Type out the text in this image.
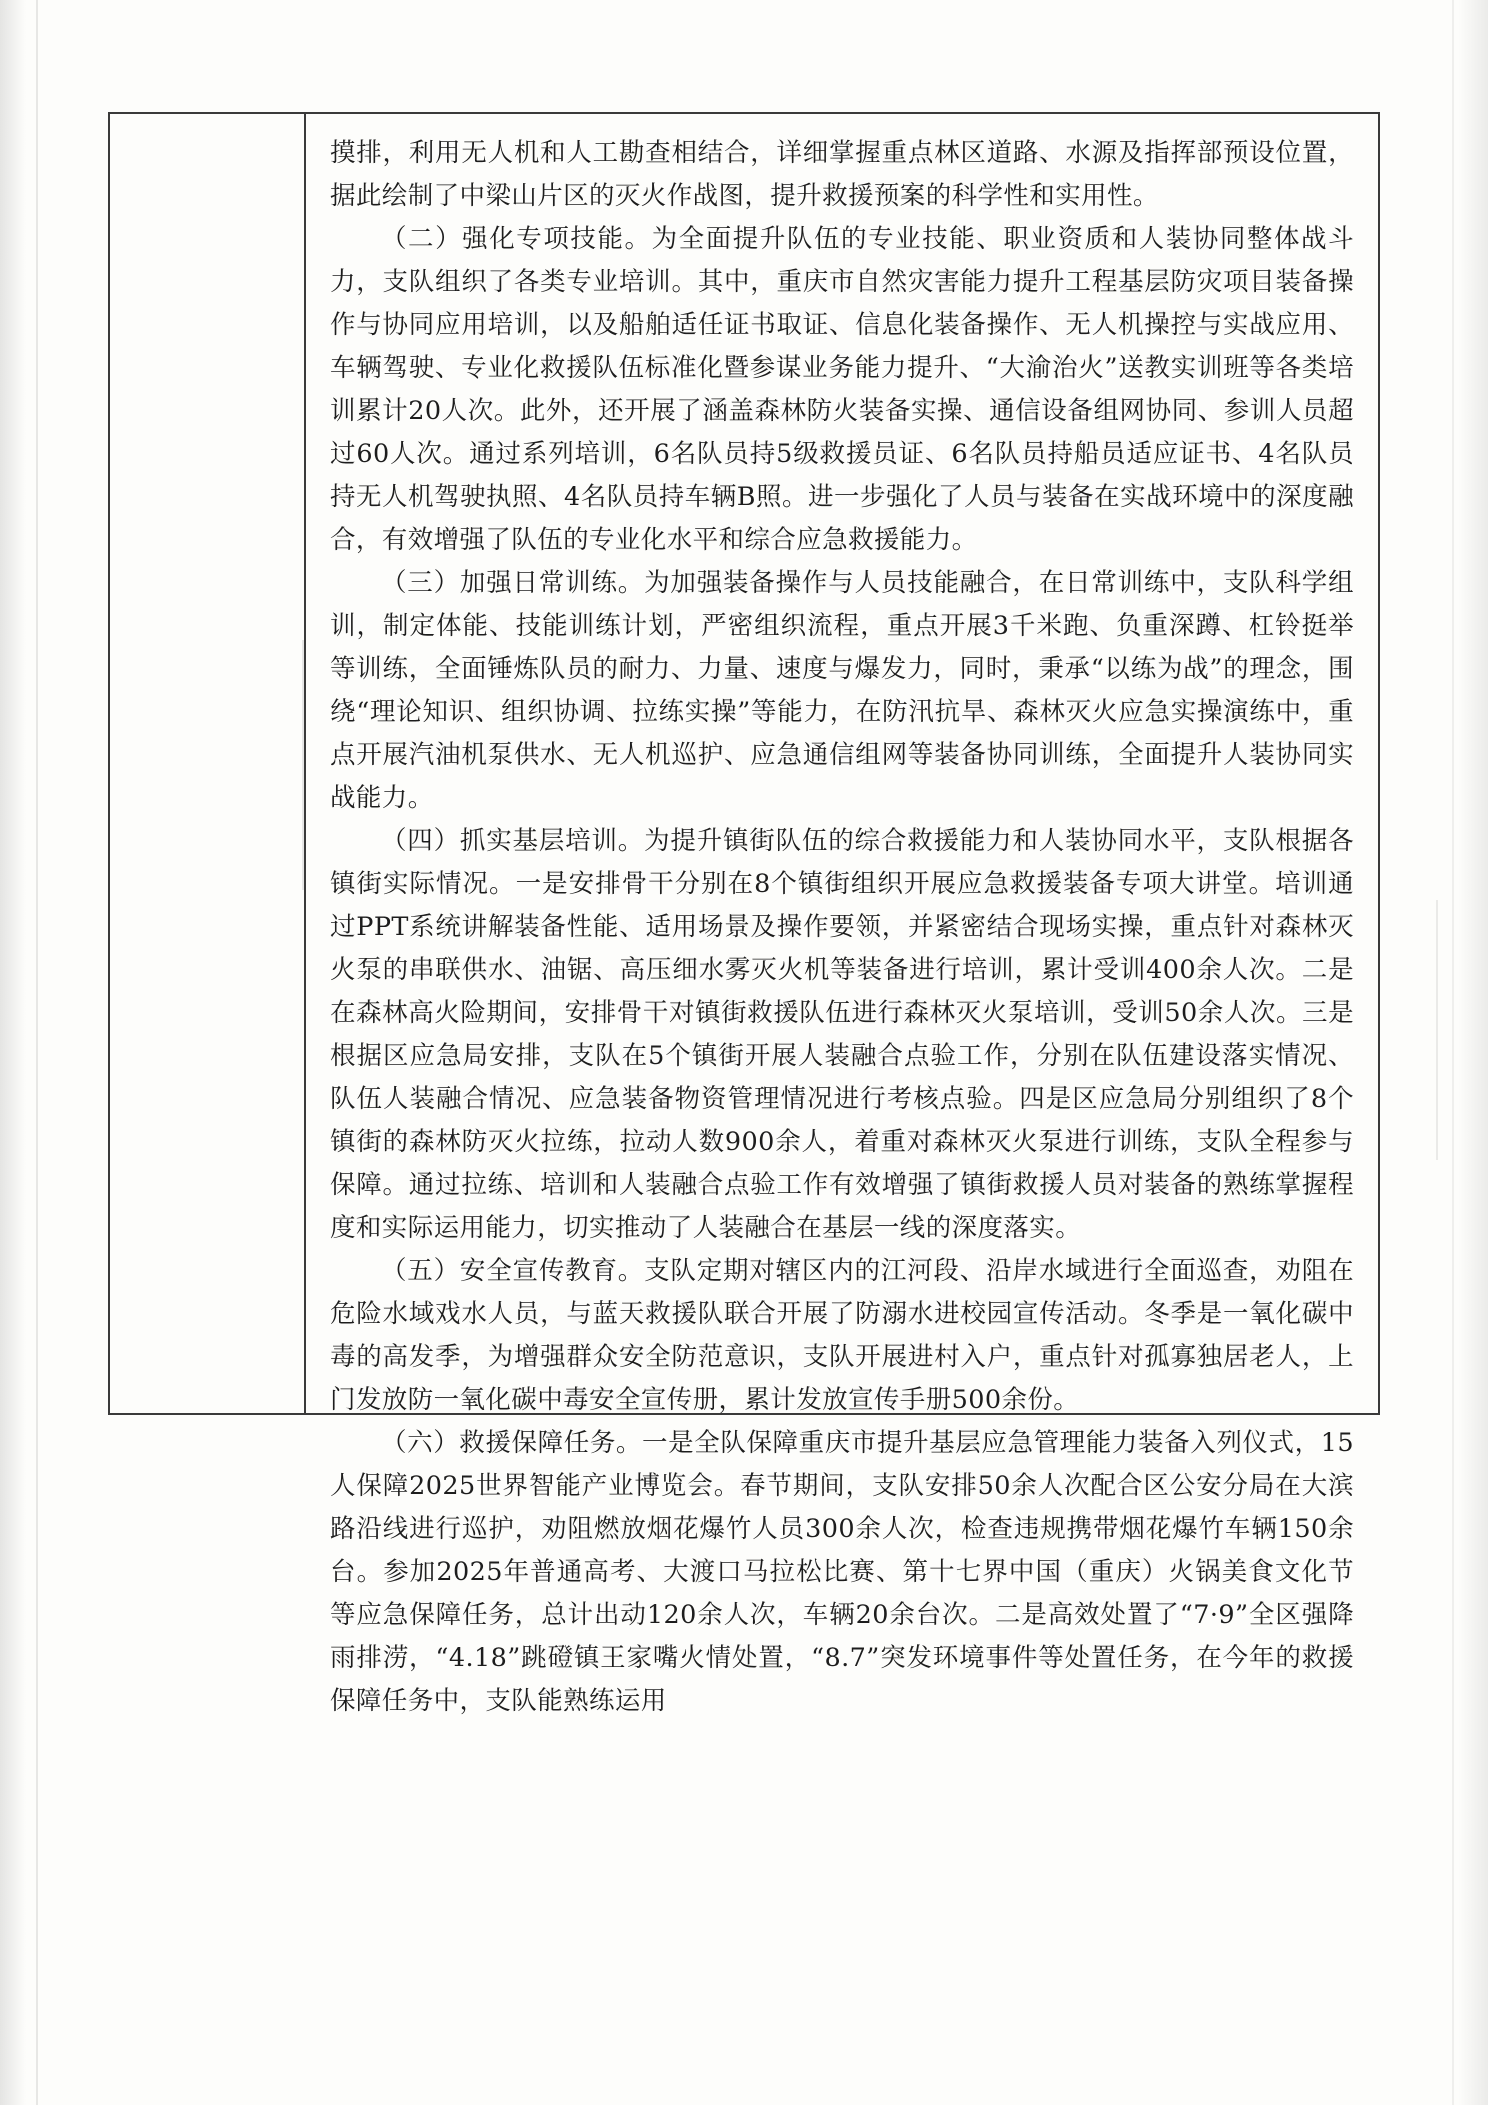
摸排，利用无人机和人工勘查相结合，详细掌握重点林区道路、水源及指挥部预设位置，据此绘制了中梁山片区的灭火作战图，提升救援预案的科学性和实用性。

（二）强化专项技能。为全面提升队伍的专业技能、职业资质和人装协同整体战斗力，支队组织了各类专业培训。其中，重庆市自然灾害能力提升工程基层防灾项目装备操作与协同应用培训，以及船舶适任证书取证、信息化装备操作、无人机操控与实战应用、车辆驾驶、专业化救援队伍标准化暨参谋业务能力提升、“大渝治火”送教实训班等各类培训累计20人次。此外，还开展了涵盖森林防火装备实操、通信设备组网协同、参训人员超过60人次。通过系列培训，6名队员持5级救援员证、6名队员持船员适应证书、4名队员持无人机驾驶执照、4名队员持车辆B照。进一步强化了人员与装备在实战环境中的深度融合，有效增强了队伍的专业化水平和综合应急救援能力。

（三）加强日常训练。为加强装备操作与人员技能融合，在日常训练中，支队科学组训，制定体能、技能训练计划，严密组织流程，重点开展3千米跑、负重深蹲、杠铃挺举等训练，全面锤炼队员的耐力、力量、速度与爆发力，同时，秉承“以练为战”的理念，围绕“理论知识、组织协调、拉练实操”等能力，在防汛抗旱、森林灭火应急实操演练中，重点开展汽油机泵供水、无人机巡护、应急通信组网等装备协同训练，全面提升人装协同实战能力。

（四）抓实基层培训。为提升镇街队伍的综合救援能力和人装协同水平，支队根据各镇街实际情况。一是安排骨干分别在8个镇街组织开展应急救援装备专项大讲堂。培训通过PPT系统讲解装备性能、适用场景及操作要领，并紧密结合现场实操，重点针对森林灭火泵的串联供水、油锯、高压细水雾灭火机等装备进行培训，累计受训400余人次。二是在森林高火险期间，安排骨干对镇街救援队伍进行森林灭火泵培训，受训50余人次。三是根据区应急局安排，支队在5个镇街开展人装融合点验工作，分别在队伍建设落实情况、队伍人装融合情况、应急装备物资管理情况进行考核点验。四是区应急局分别组织了8个镇街的森林防灭火拉练，拉动人数900余人，着重对森林灭火泵进行训练，支队全程参与保障。通过拉练、培训和人装融合点验工作有效增强了镇街救援人员对装备的熟练掌握程度和实际运用能力，切实推动了人装融合在基层一线的深度落实。

（五）安全宣传教育。支队定期对辖区内的江河段、沿岸水域进行全面巡查，劝阻在危险水域戏水人员，与蓝天救援队联合开展了防溺水进校园宣传活动。冬季是一氧化碳中毒的高发季，为增强群众安全防范意识，支队开展进村入户，重点针对孤寡独居老人，上门发放防一氧化碳中毒安全宣传册，累计发放宣传手册500余份。

（六）救援保障任务。一是全队保障重庆市提升基层应急管理能力装备入列仪式，15人保障2025世界智能产业博览会。春节期间，支队安排50余人次配合区公安分局在大滨路沿线进行巡护，劝阻燃放烟花爆竹人员300余人次，检查违规携带烟花爆竹车辆150余台。参加2025年普通高考、大渡口马拉松比赛、第十七界中国（重庆）火锅美食文化节等应急保障任务，总计出动120余人次，车辆20余台次。二是高效处置了“7·9”全区强降雨排涝，“4.18”跳磴镇王家嘴火情处置，“8.7”突发环境事件等处置任务，在今年的救援保障任务中，支队能熟练运用
